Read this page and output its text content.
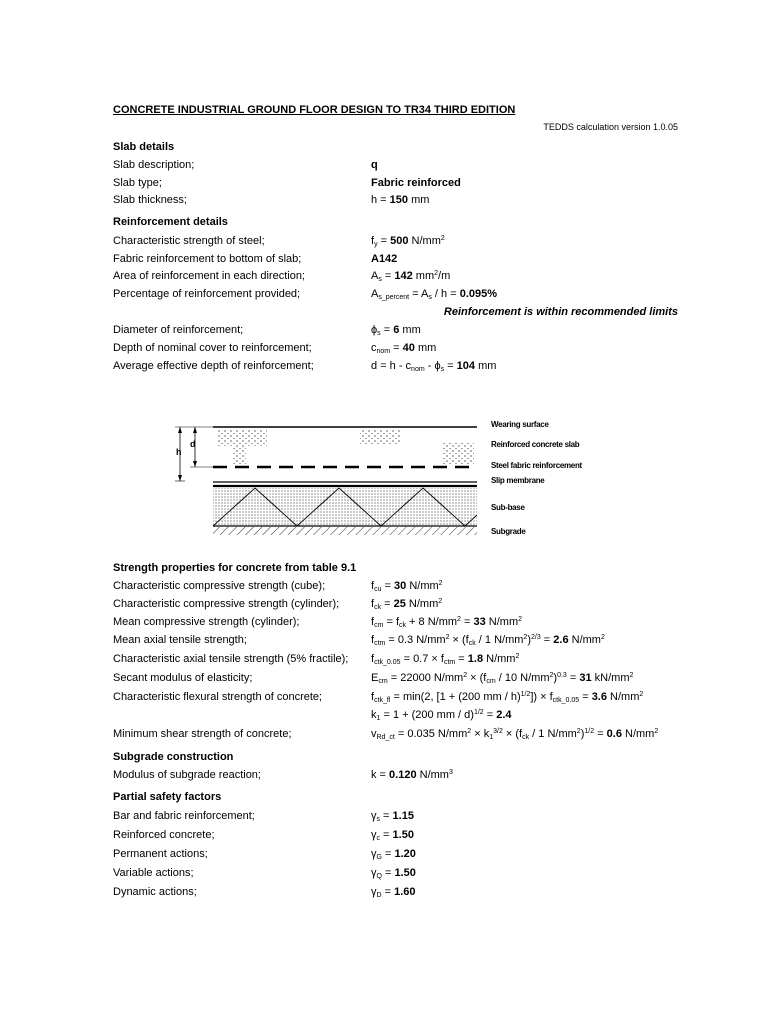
CONCRETE INDUSTRIAL GROUND FLOOR DESIGN TO TR34 THIRD EDITION
TEDDS calculation version 1.0.05
Slab details
Slab description;	q
Slab type;	Fabric reinforced
Slab thickness;	h = 150 mm
Reinforcement details
Characteristic strength of steel;	$f_y = 500$ $N/mm^2$
Fabric reinforcement to bottom of slab;	A142
Area of reinforcement in each direction;	$A_s = 142$ $mm^2/m$
Percentage of reinforcement provided;	$A_{s\_percent} = A_s / h = 0.095\%$
Reinforcement is within recommended limits
Diameter of reinforcement;	$\phi_s = 6$ mm
Depth of nominal cover to reinforcement;	$c_{nom} = 40$ mm
Average effective depth of reinforcement;	$d = h - c_{nom} - \phi_s = 104$ mm
h
d
Wearing surface
Reinforced concrete slab
Steel fabric reinforcement
Slip membrane
Sub-base
Subgrade
Strength properties for concrete from table 9.1
Characteristic compressive strength (cube);	$f_{cu} = 30$ $N/mm^2$
Characteristic compressive strength (cylinder);	$f_{ck} = 25$ $N/mm^2$
Mean compressive strength (cylinder);	$f_{cm} = f_{ck} + 8$ $N/mm^2 = 33$ $N/mm^2$
Mean axial tensile strength;	$f_{ctm} = 0.3$ $N/mm^2 \times (f_{ck} / 1$ $N/mm^2)^{2/3} = 2.6$ $N/mm^2$
Characteristic axial tensile strength (5% fractile); $f_{ctk\_0.05} = 0.7 \times f_{ctm} = 1.8$ $N/mm^2$
Secant modulus of elasticity;	$E_{cm} = 22000$ $N/mm^2 \times (f_{cm} / 10$ $N/mm^2)^{0.3} = 31$ $kN/mm^2$
Characteristic flexural strength of concrete;	$f_{ctk\_fl} = \min(2$, [1 + (200 mm / $h)^{1/2}]) \times f_{ctk\_0.05} = 3.6$ $N/mm^2$
$k_1 = 1 + (200$ mm / d)$^{1/2}$ = 2.4
Minimum shear strength of concrete;	$v_{Rd\_ct} = 0.035$ $N/mm^2 \times k_1^{3/2} \times (f_{ck} / 1$ $N/mm^2)^{1/2} = 0.6$ $N/mm^2$
Subgrade construction
Modulus of subgrade reaction;	k = 0.120 $N/mm^3$
Partial safety factors
Bar and fabric reinforcement;	$\gamma_s = 1.15$
Reinforced concrete;	$\gamma_c = 1.50$
Permanent actions;	$\gamma_G = 1.20$
Variable actions;	$\gamma_Q = 1.50$
Dynamic actions;	$\gamma_D = 1.60$
